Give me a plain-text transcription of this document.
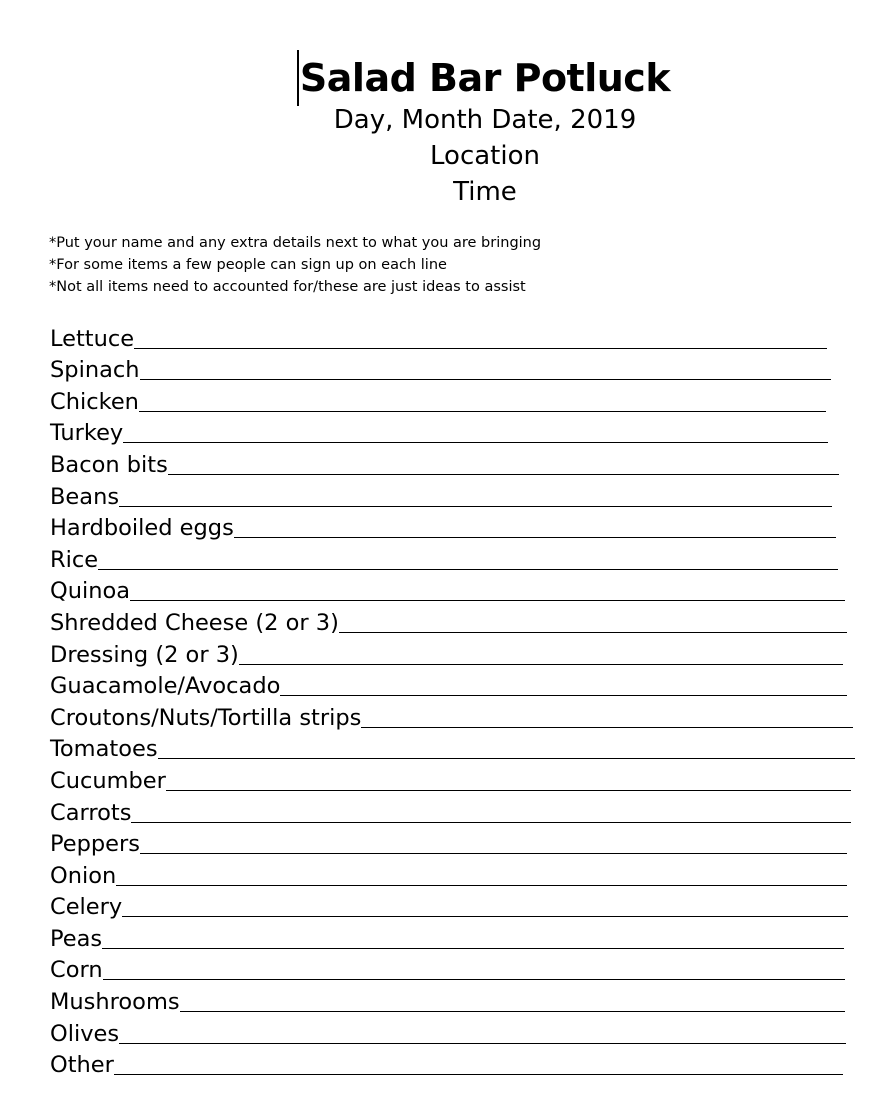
Salad Bar Potluck
Day, Month Date, 2019
Location
Time
*Put your name and any extra details next to what you are bringing
*For some items a few people can sign up on each line
*Not all items need to accounted for/these are just ideas to assist
Lettuce
Spinach
Chicken
Turkey
Bacon bits
Beans
Hardboiled eggs
Rice
Quinoa
Shredded Cheese (2 or 3)
Dressing (2 or 3)
Guacamole/Avocado
Croutons/Nuts/Tortilla strips
Tomatoes
Cucumber
Carrots
Peppers
Onion
Celery
Peas
Corn
Mushrooms
Olives
Other
